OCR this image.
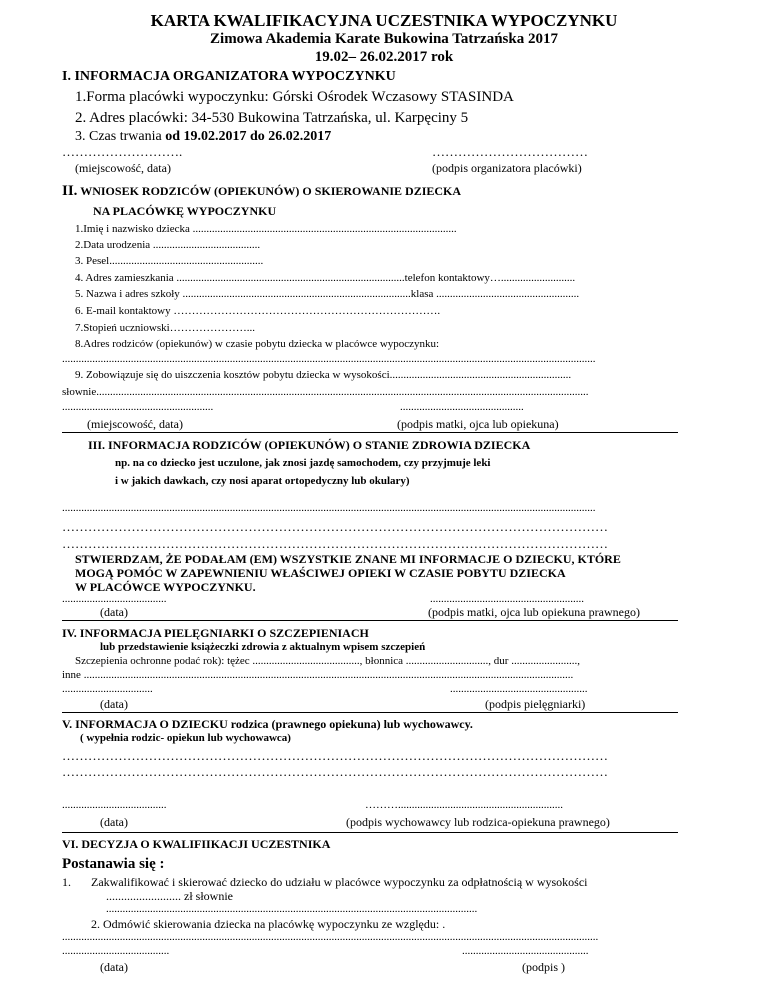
KARTA KWALIFIKACYJNA UCZESTNIKA WYPOCZYNKU
Zimowa Akademia Karate Bukowina Tatrzańska 2017
19.02– 26.02.2017 rok
I. INFORMACJA ORGANIZATORA WYPOCZYNKU
1.Forma placówki wypoczynku: Górski Ośrodek Wczasowy STASINDA
2. Adres placówki: 34-530 Bukowina Tatrzańska, ul. Karpęciny 5
3. Czas trwania od 19.02.2017 do 26.02.2017
……………………….	………………………………
(miejscowość, data)	(podpis organizatora placówki)
II. WNIOSEK RODZICÓW (OPIEKUNÓW) O SKIEROWANIE DZIECKA
NA PLACÓWKĘ WYPOCZYNKU
1.Imię i nazwisko dziecka ................................................................................................
2.Data urodzenia .......................................
3. Pesel........................................................
4. Adres zamieszkania ...................................................................................telefon kontaktowy…...........................
5. Nazwa i adres szkoły ...................................................................................klasa ....................................................
6. E-mail kontaktowy ……………………………………………………………….
7.Stopień uczniowski…………………...
8.Adres rodziców (opiekunów) w czasie pobytu dziecka w placówce wypoczynku:
..................................................................................................................................................................................................
9. Zobowiązuje się do uiszczenia kosztów pobytu dziecka w wysokości..................................................................
słownie...................................................................................................................................................................................
.......................................................	.............................................
(miejscowość, data)	(podpis matki, ojca lub opiekuna)
III. INFORMACJA RODZICÓW (OPIEKUNÓW) O STANIE ZDROWIA DZIECKA
np. na co dziecko jest uczulone, jak znosi jazdę samochodem, czy przyjmuje leki
i w jakich dawkach, czy nosi aparat ortopedyczny lub okulary)
..................................................................................................................................................................................................
………………………………………………………………………………………………………………
………………………………………………………………………………………………………………
STWIERDZAM, ŻE PODAŁAM (EM) WSZYSTKIE ZNANE MI INFORMACJE O DZIECKU, KTÓRE
MOGĄ POMÓC W ZAPEWNIENIU WŁAŚCIWEJ OPIEKI W CZASIE POBYTU DZIECKA
W PLACÓWCE WYPOCZYNKU.
......................................	........................................................
(data)	(podpis matki, ojca lub opiekuna prawnego)
IV. INFORMACJA PIELĘGNIARKI O SZCZEPIENIACH
lub przedstawienie książeczki zdrowia z aktualnym wpisem szczepień
Szczepienia ochronne podać rok): tężec ......................................., błonnica .............................., dur ........................,
inne ..................................................................................................................................................................................
.................................	..................................................
(data)	(podpis pielęgniarki)
V. INFORMACJA O DZIECKU rodzica (prawnego opiekuna) lub wychowawcy.
( wypełnia rodzic- opiekun lub wychowawca)
………………………………………………………………………………………………………………
………………………………………………………………………………………………………………
......................................	………............................................................
(data)	(podpis wychowawcy lub rodzica-opiekuna prawnego)
VI. DECYZJA O KWALIFIIKACJI UCZESTNIKA
Postanawia się :
1. Zakwalifikować i skierować dziecko do udziału w placówce wypoczynku za odpłatnością w wysokości
......................... zł słownie
.......................................................................................................................................
2. Odmówić skierowania dziecka na placówkę wypoczynku ze względu: .
...................................................................................................................................................................................................
.......................................	..............................................
(data)	(podpis )
